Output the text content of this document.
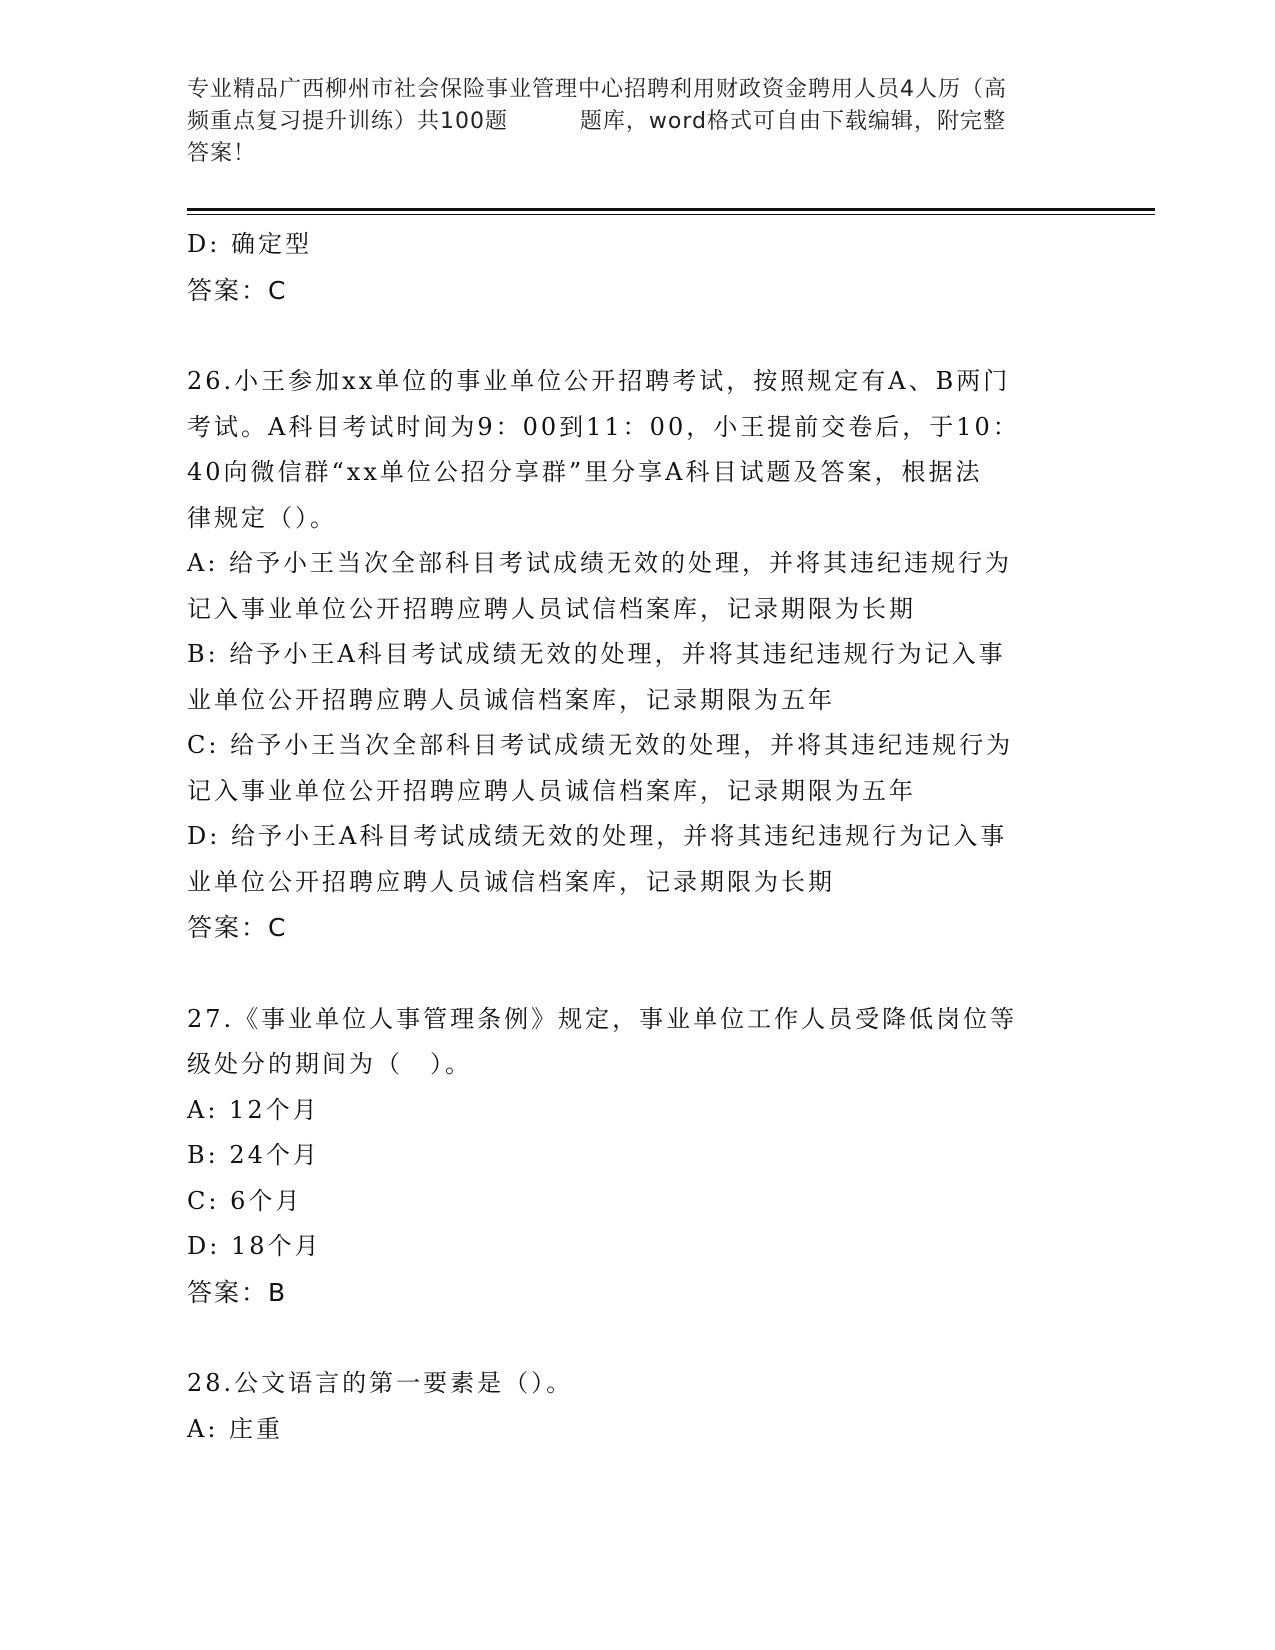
专业精品广西柳州市社会保险事业管理中心招聘利用财政资金聘用人员4人历（高
频重点复习提升训练）共100题         题库，word格式可自由下载编辑，附完整
答案！
D: 确定型
答案：C
26.小王参加xx单位的事业单位公开招聘考试，按照规定有A、B两门
考试。A科目考试时间为9：00到11：00，小王提前交卷后，于10：
40向微信群“xx单位公招分享群”里分享A科目试题及答案，根据法
律规定（）。
A: 给予小王当次全部科目考试成绩无效的处理，并将其违纪违规行为
记入事业单位公开招聘应聘人员试信档案库，记录期限为长期
B: 给予小王A科目考试成绩无效的处理，并将其违纪违规行为记入事
业单位公开招聘应聘人员诚信档案库，记录期限为五年
C: 给予小王当次全部科目考试成绩无效的处理，并将其违纪违规行为
记入事业单位公开招聘应聘人员诚信档案库，记录期限为五年
D: 给予小王A科目考试成绩无效的处理，并将其违纪违规行为记入事
业单位公开招聘应聘人员诚信档案库，记录期限为长期
答案：C
27.《事业单位人事管理条例》规定，事业单位工作人员受降低岗位等
级处分的期间为（　）。
A: 12个月
B: 24个月
C: 6个月
D: 18个月
答案：B
28.公文语言的第一要素是（）。
A: 庄重
